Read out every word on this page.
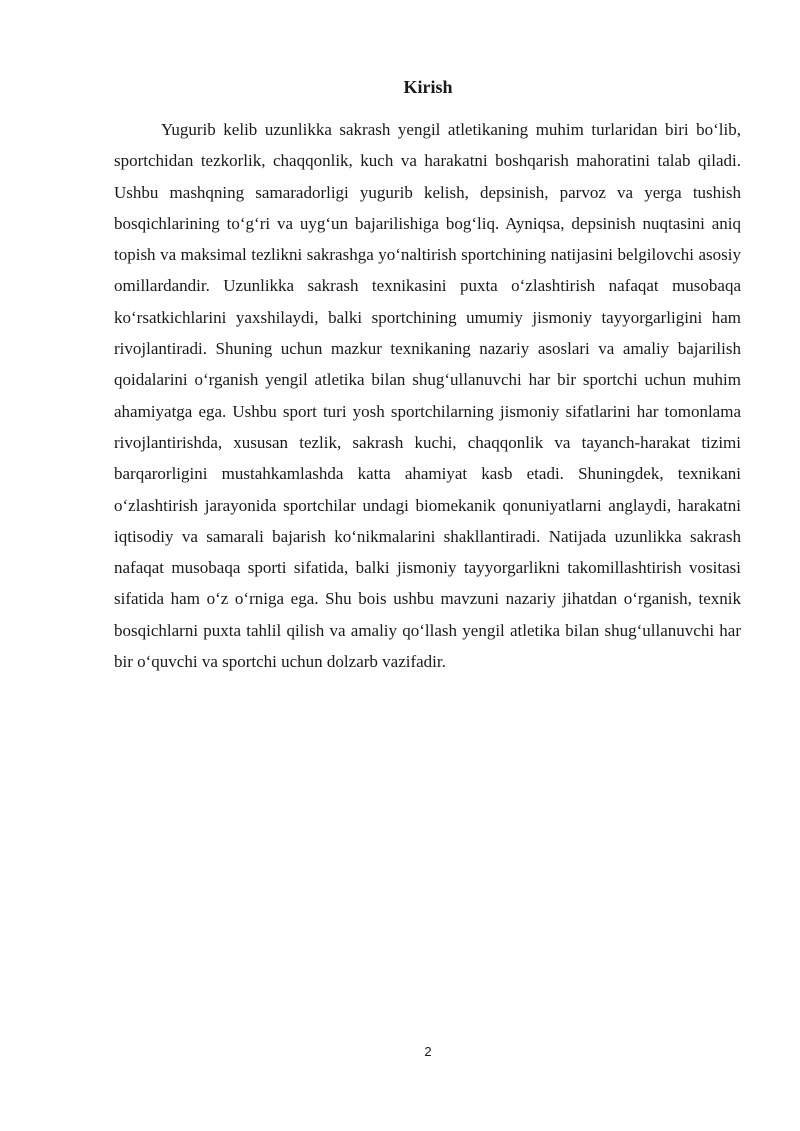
Kirish

Yugurib kelib uzunlikka sakrash yengil atletikaning muhim turlaridan biri bo‘lib, sportchidan tezkorlik, chaqqonlik, kuch va harakatni boshqarish mahoratini talab qiladi. Ushbu mashqning samaradorligi yugurib kelish, depsinish, parvoz va yerga tushish bosqichlarining to‘g‘ri va uyg‘un bajarilishiga bog‘liq. Ayniqsa, depsinish nuqtasini aniq topish va maksimal tezlikni sakrashga yo‘naltirish sportchining natijasini belgilovchi asosiy omillardandir. Uzunlikka sakrash texnikasini puxta o‘zlashtirish nafaqat musobaqa ko‘rsatkichlarini yaxshilaydi, balki sportchining umumiy jismoniy tayyorgarligini ham rivojlantiradi. Shuning uchun mazkur texnikaning nazariy asoslari va amaliy bajarilish qoidalarini o‘rganish yengil atletika bilan shug‘ullanuvchi har bir sportchi uchun muhim ahamiyatga ega. Ushbu sport turi yosh sportchilarning jismoniy sifatlarini har tomonlama rivojlantirishda, xususan tezlik, sakrash kuchi, chaqqonlik va tayanch-harakat tizimi barqarorligini mustahkamlashda katta ahamiyat kasb etadi. Shuningdek, texnikani o‘zlashtirish jarayonida sportchilar undagi biomekanik qonuniyatlarni anglaydi, harakatni iqtisodiy va samarali bajarish ko‘nikmalarini shakllantiradi. Natijada uzunlikka sakrash nafaqat musobaqa sporti sifatida, balki jismoniy tayyorgarlikni takomillashtirish vositasi sifatida ham o‘z o‘rniga ega. Shu bois ushbu mavzuni nazariy jihatdan o‘rganish, texnik bosqichlarni puxta tahlil qilish va amaliy qo‘llash yengil atletika bilan shug‘ullanuvchi har bir o‘quvchi va sportchi uchun dolzarb vazifadir.

2
